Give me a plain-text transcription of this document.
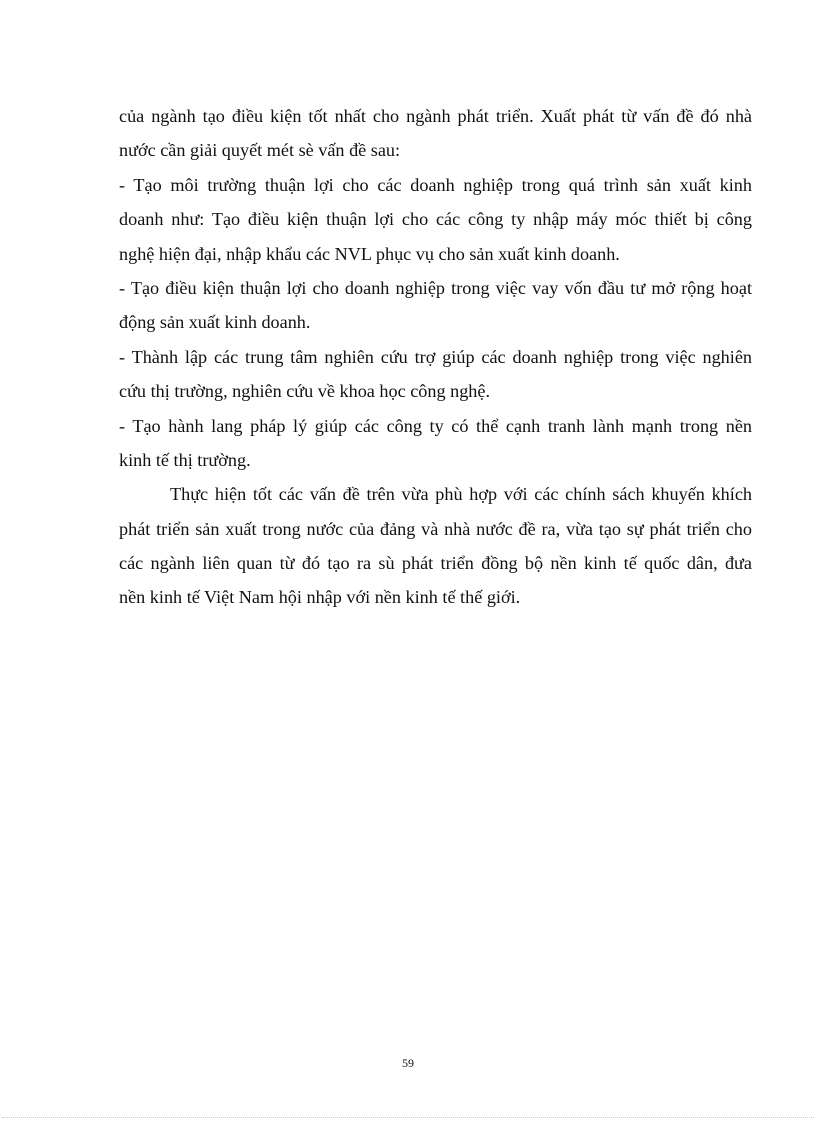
của ngành tạo điều kiện tốt nhất cho ngành phát triển. Xuất phát từ vấn đề đó nhà
nước cần giải quyết mét sè vấn đề sau:
- Tạo môi trường thuận lợi cho các doanh nghiệp trong quá trình sản xuất kinh
doanh như: Tạo điều kiện thuận lợi cho các công ty nhập máy móc thiết bị công
nghệ hiện đại, nhập khẩu các NVL phục vụ cho sản xuất kinh doanh.
- Tạo điều kiện thuận lợi cho doanh nghiệp trong việc vay vốn đầu tư mở rộng hoạt
động sản xuất kinh doanh.
- Thành lập các trung tâm nghiên cứu trợ giúp các doanh nghiệp trong việc nghiên
cứu thị trường, nghiên cứu về khoa học công nghệ.
- Tạo hành lang pháp lý giúp các công ty có thể cạnh tranh lành mạnh trong nền
kinh tế thị trường.
Thực hiện tốt các vấn đề trên vừa phù hợp với các chính sách khuyến khích
phát triển sản xuất trong nước của đảng và nhà nước đề ra, vừa tạo sự phát triển cho
các ngành liên quan từ đó tạo ra sù phát triển đồng bộ nền kinh tế quốc dân, đưa
nền kinh tế Việt Nam hội nhập với nền kinh tế thế giới.
59
